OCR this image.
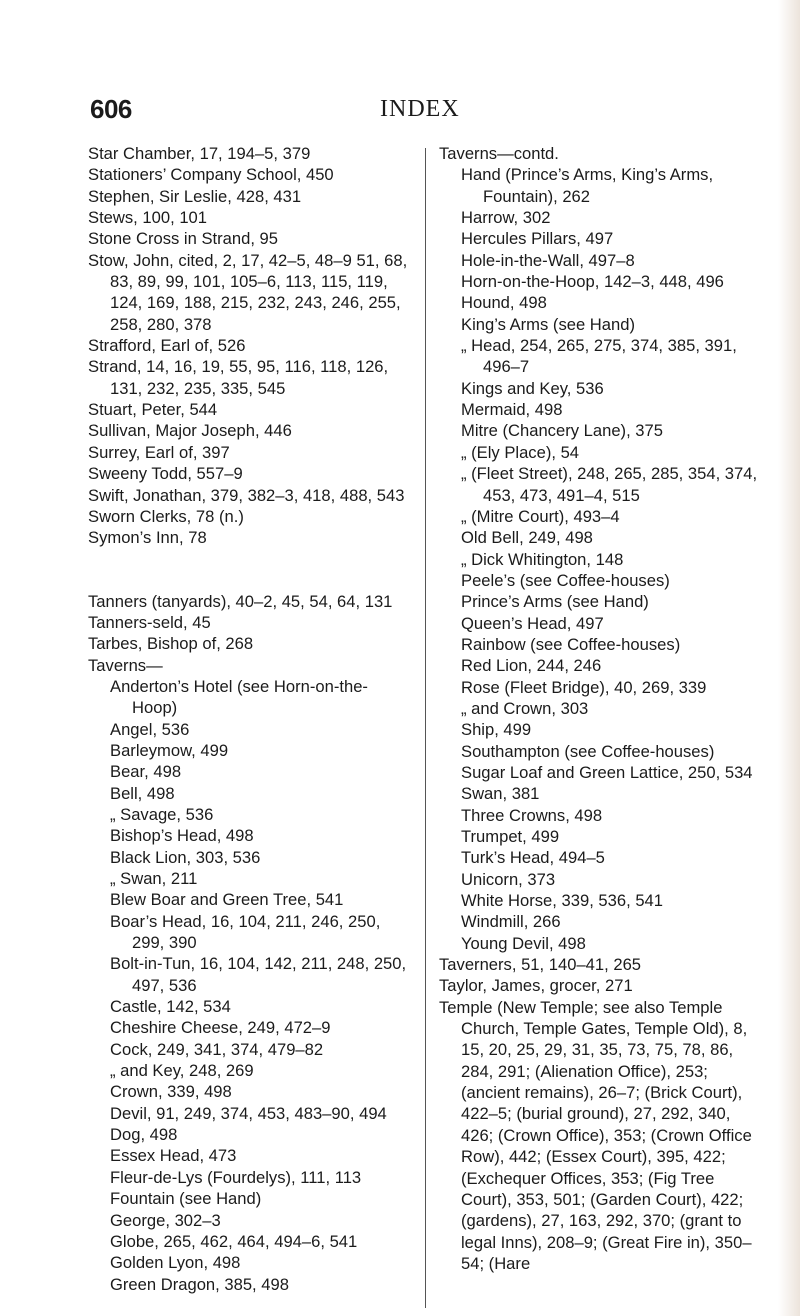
606	INDEX
Star Chamber, 17, 194–5, 379
Stationers’ Company School, 450
Stephen, Sir Leslie, 428, 431
Stews, 100, 101
Stone Cross in Strand, 95
Stow, John, cited, 2, 17, 42–5, 48–9 51, 68, 83, 89, 99, 101, 105–6, 113, 115, 119, 124, 169, 188, 215, 232, 243, 246, 255, 258, 280, 378
Strafford, Earl of, 526
Strand, 14, 16, 19, 55, 95, 116, 118, 126, 131, 232, 235, 335, 545
Stuart, Peter, 544
Sullivan, Major Joseph, 446
Surrey, Earl of, 397
Sweeny Todd, 557–9
Swift, Jonathan, 379, 382–3, 418, 488, 543
Sworn Clerks, 78 (n.)
Symon’s Inn, 78
Tanners (tanyards), 40–2, 45, 54, 64, 131
Tanners-seld, 45
Tarbes, Bishop of, 268
Taverns—
Anderton’s Hotel (see Horn-on-the-Hoop)
Angel, 536
Barleymow, 499
Bear, 498
Bell, 498
„ Savage, 536
Bishop’s Head, 498
Black Lion, 303, 536
„ Swan, 211
Blew Boar and Green Tree, 541
Boar’s Head, 16, 104, 211, 246, 250, 299, 390
Bolt-in-Tun, 16, 104, 142, 211, 248, 250, 497, 536
Castle, 142, 534
Cheshire Cheese, 249, 472–9
Cock, 249, 341, 374, 479–82
„ and Key, 248, 269
Crown, 339, 498
Devil, 91, 249, 374, 453, 483–90, 494
Dog, 498
Essex Head, 473
Fleur-de-Lys (Fourdelys), 111, 113
Fountain (see Hand)
George, 302–3
Globe, 265, 462, 464, 494–6, 541
Golden Lyon, 498
Green Dragon, 385, 498
Taverns—contd.
Hand (Prince’s Arms, King’s Arms, Fountain), 262
Harrow, 302
Hercules Pillars, 497
Hole-in-the-Wall, 497–8
Horn-on-the-Hoop, 142–3, 448, 496
Hound, 498
King’s Arms (see Hand)
„ Head, 254, 265, 275, 374, 385, 391, 496–7
Kings and Key, 536
Mermaid, 498
Mitre (Chancery Lane), 375
„ (Ely Place), 54
„ (Fleet Street), 248, 265, 285, 354, 374, 453, 473, 491–4, 515
„ (Mitre Court), 493–4
Old Bell, 249, 498
„ Dick Whitington, 148
Peele’s (see Coffee-houses)
Prince’s Arms (see Hand)
Queen’s Head, 497
Rainbow (see Coffee-houses)
Red Lion, 244, 246
Rose (Fleet Bridge), 40, 269, 339
„ and Crown, 303
Ship, 499
Southampton (see Coffee-houses)
Sugar Loaf and Green Lattice, 250, 534
Swan, 381
Three Crowns, 498
Trumpet, 499
Turk’s Head, 494–5
Unicorn, 373
White Horse, 339, 536, 541
Windmill, 266
Young Devil, 498
Taverners, 51, 140–41, 265
Taylor, James, grocer, 271
Temple (New Temple; see also Temple Church, Temple Gates, Temple Old), 8, 15, 20, 25, 29, 31, 35, 73, 75, 78, 86, 284, 291; (Alienation Office), 253; (ancient remains), 26–7; (Brick Court), 422–5; (burial ground), 27, 292, 340, 426; (Crown Office), 353; (Crown Office Row), 442; (Essex Court), 395, 422; (Exchequer Offices, 353; (Fig Tree Court), 353, 501; (Garden Court), 422; (gardens), 27, 163, 292, 370; (grant to legal Inns), 208–9; (Great Fire in), 350–54; (Hare
